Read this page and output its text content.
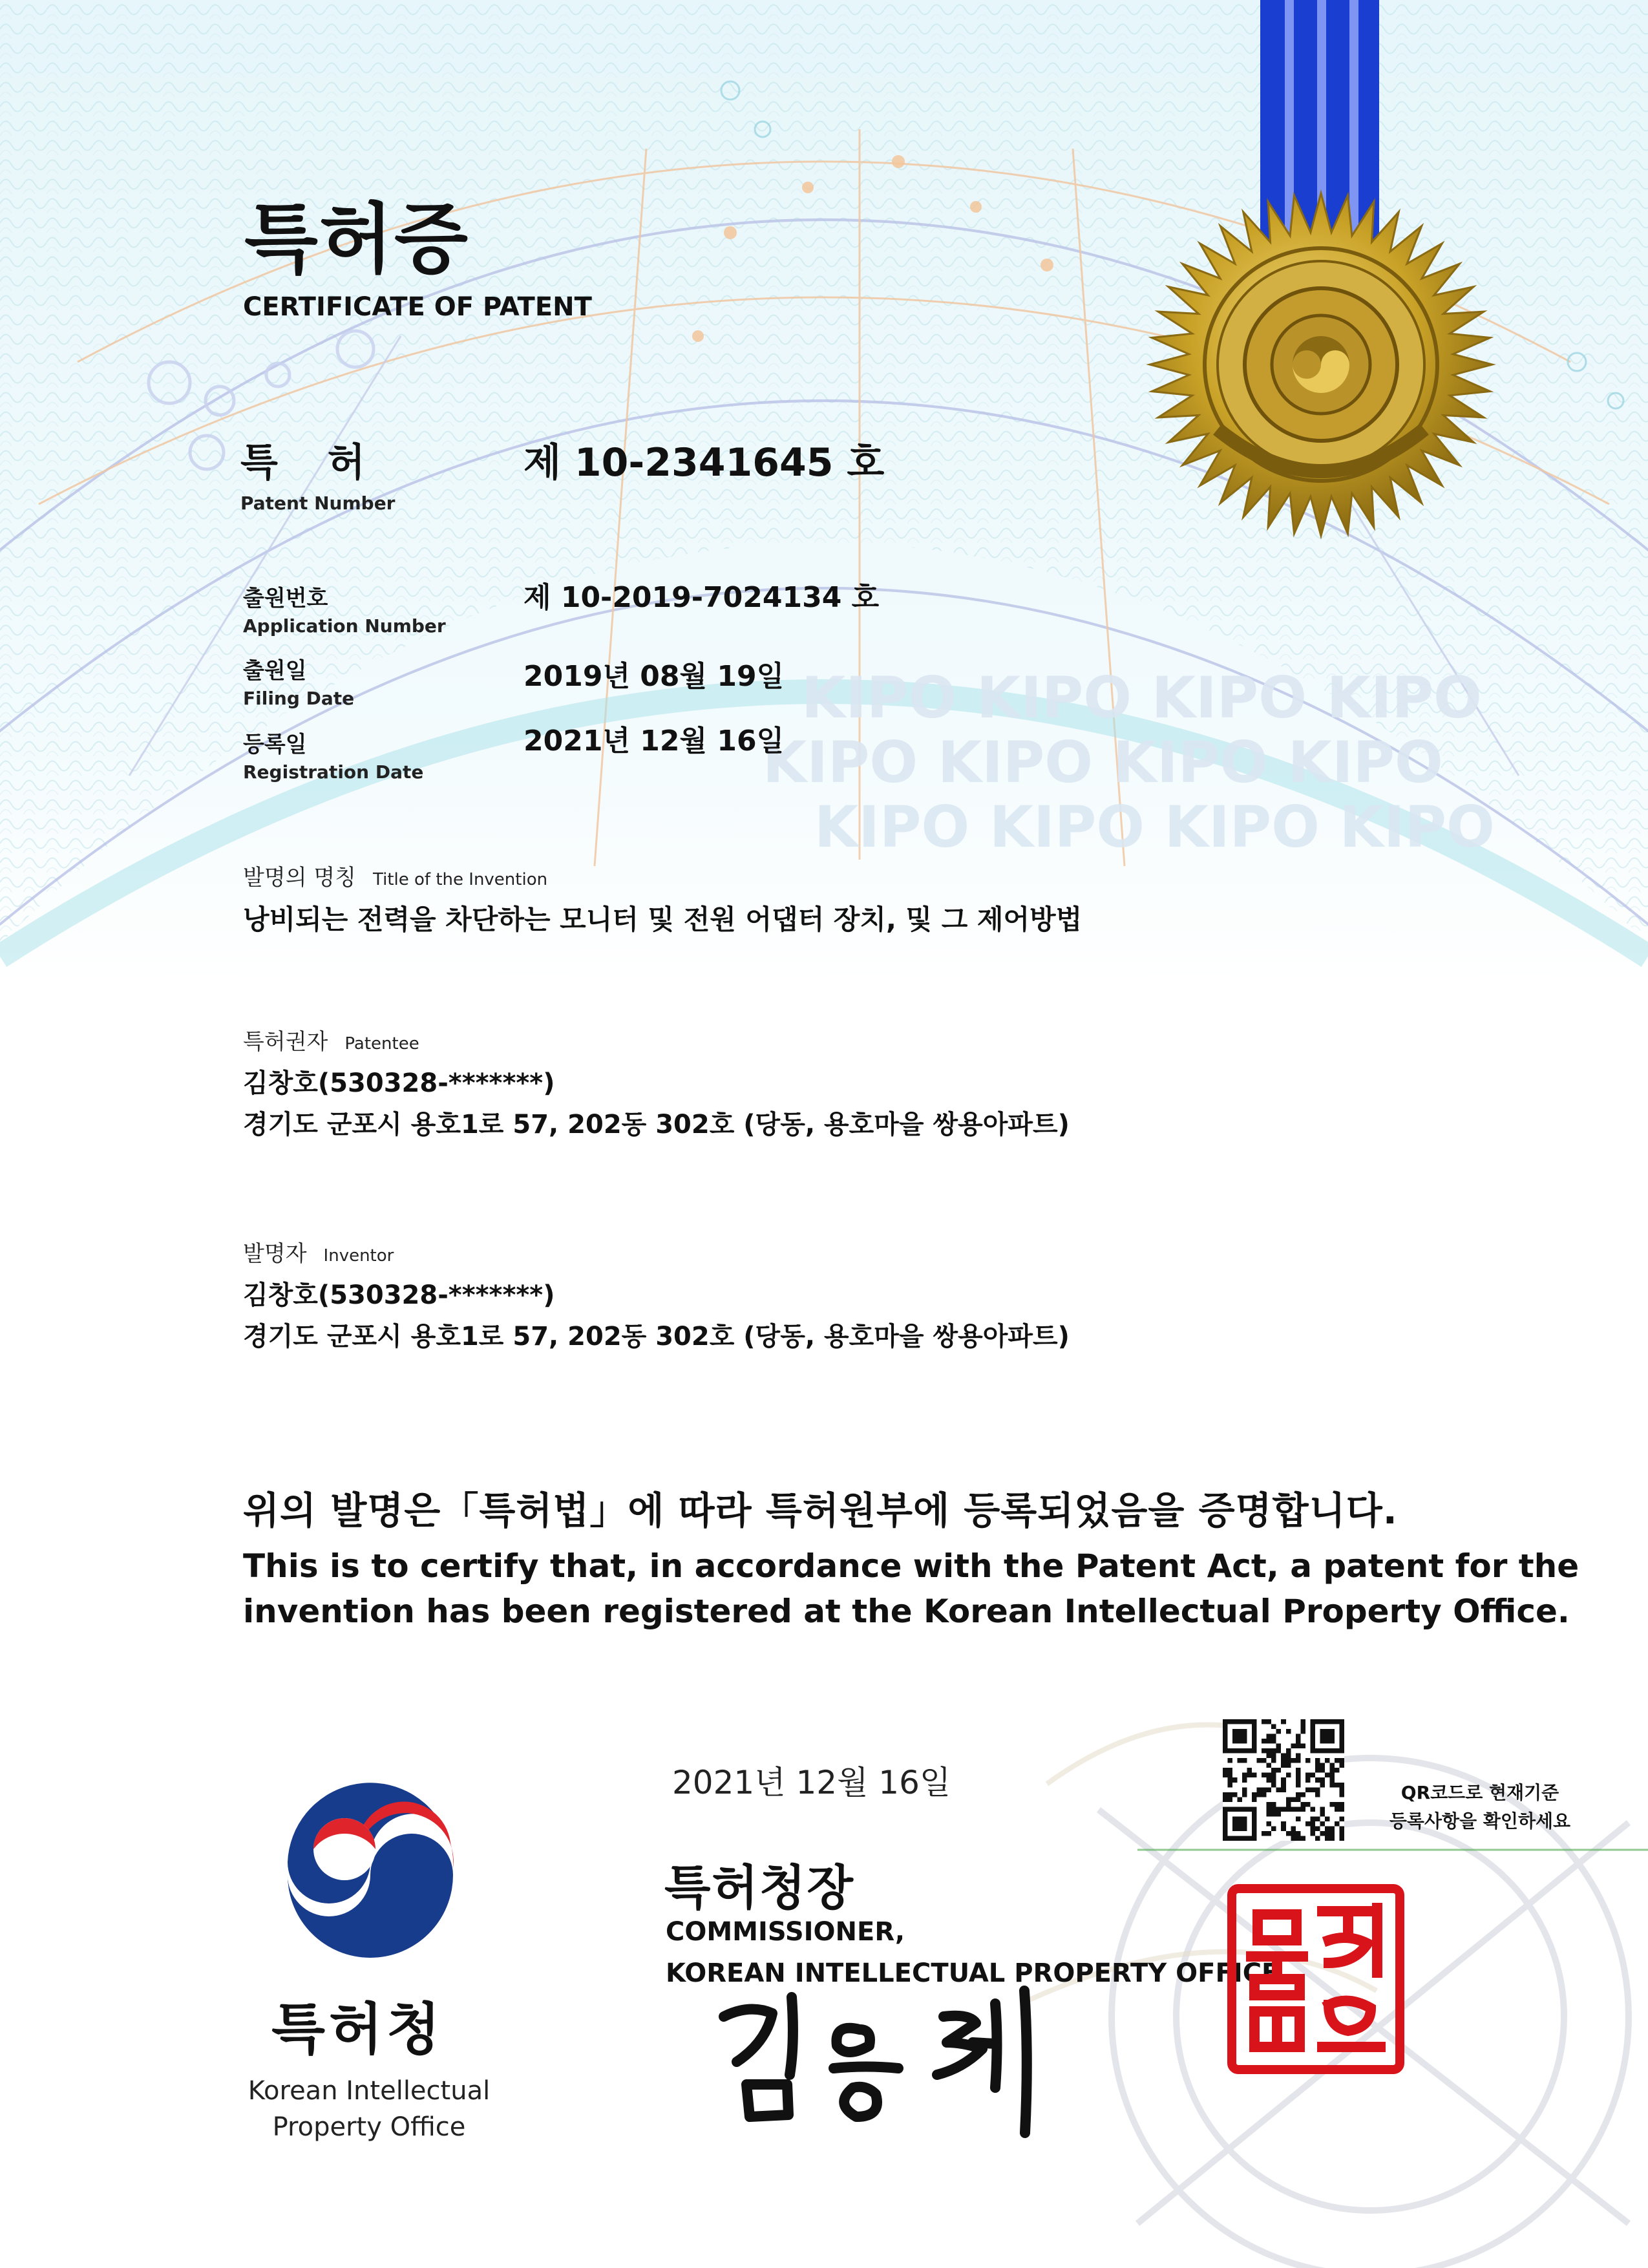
KIPO KIPO KIPO KIPO
KIPO KIPO KIPO KIPO
KIPO KIPO KIPO KIPO
특허증
CERTIFICATE OF PATENT
특 허
Patent Number
제 10-2341645 호
출원번호
Application Number
제 10-2019-7024134 호
출원일
Filing Date
2019년 08월 19일
등록일
Registration Date
2021년 12월 16일
발명의 명칭 Title of the Invention
낭비되는 전력을 차단하는 모니터 및 전원 어댑터 장치, 및 그 제어방법
특허권자 Patentee
김창호(530328-*******)
경기도 군포시 용호1로 57, 202동 302호 (당동, 용호마을 쌍용아파트)
발명자 Inventor
김창호(530328-*******)
경기도 군포시 용호1로 57, 202동 302호 (당동, 용호마을 쌍용아파트)
위의 발명은「특허법」에 따라 특허원부에 등록되었음을 증명합니다.
This is to certify that, in accordance with the Patent Act, a patent for the
invention has been registered at the Korean Intellectual Property Office.
QR코드로 현재기준
등록사항을 확인하세요
2021년 12월 16일
특허청장
COMMISSIONER,
KOREAN INTELLECTUAL PROPERTY OFFICE
특허청
Korean Intellectual
Property Office
